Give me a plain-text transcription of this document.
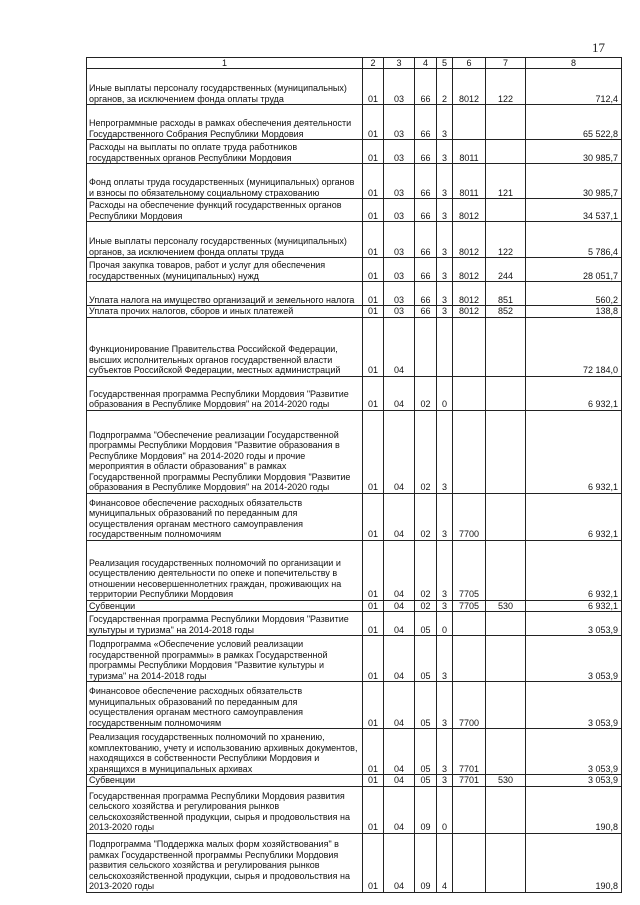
17
1	2	3	4	5	6	7	8
Иные выплаты персоналу государственных (муниципальных) органов, за исключением фонда оплаты труда	01	03	66	2	8012	122	712,4
Непрограммные расходы в рамках обеспечения деятельности Государственного Собрания Республики Мордовия	01	03	66	3			65 522,8
Расходы на выплаты по оплате труда работников государственных органов Республики Мордовия	01	03	66	3	8011		30 985,7
Фонд оплаты труда государственных (муниципальных) органов и взносы по обязательному социальному страхованию	01	03	66	3	8011	121	30 985,7
Расходы на обеспечение функций государственных органов Республики Мордовия	01	03	66	3	8012		34 537,1
Иные выплаты персоналу государственных (муниципальных) органов, за исключением фонда оплаты труда	01	03	66	3	8012	122	5 786,4
Прочая закупка товаров, работ и услуг для обеспечения государственных (муниципальных) нужд	01	03	66	3	8012	244	28 051,7
Уплата налога на имущество организаций и земельного налога	01	03	66	3	8012	851	560,2
Уплата прочих налогов, сборов и иных платежей	01	03	66	3	8012	852	138,8
Функционирование Правительства Российской Федерации, высших исполнительных органов государственной власти субъектов Российской Федерации, местных администраций	01	04					72 184,0
Государственная программа Республики Мордовия "Развитие образования в Республике Мордовия" на 2014-2020 годы	01	04	02	0			6 932,1
Подпрограмма "Обеспечение реализации Государственной программы Республики Мордовия "Развитие образования в Республике Мордовия" на 2014-2020 годы и прочие мероприятия в области образования" в рамках Государственной программы Республики Мордовия "Развитие образования в Республике Мордовия" на 2014-2020 годы	01	04	02	3			6 932,1
Финансовое обеспечение расходных обязательств муниципальных образований по переданным для осуществления органам местного самоуправления государственным полномочиям	01	04	02	3	7700		6 932,1
Реализация государственных полномочий по организации и осуществлению деятельности по опеке и попечительству в отношении несовершеннолетних граждан, проживающих на территории Республики Мордовия	01	04	02	3	7705		6 932,1
Субвенции	01	04	02	3	7705	530	6 932,1
Государственная программа Республики Мордовия "Развитие культуры и туризма" на 2014-2018 годы	01	04	05	0			3 053,9
Подпрограмма «Обеспечение условий реализации государственной программы» в рамках Государственной программы Республики Мордовия "Развитие культуры и туризма" на 2014-2018 годы	01	04	05	3			3 053,9
Финансовое обеспечение расходных обязательств муниципальных образований по переданным для осуществления органам местного самоуправления государственным полномочиям	01	04	05	3	7700		3 053,9
Реализация государственных полномочий по хранению, комплектованию, учету и использованию архивных документов, находящихся в собственности Республики Мордовия и хранящихся в муниципальных архивах	01	04	05	3	7701		3 053,9
Субвенции	01	04	05	3	7701	530	3 053,9
Государственная программа Республики Мордовия развития сельского хозяйства и регулирования рынков сельскохозяйственной продукции, сырья и продовольствия на 2013-2020 годы	01	04	09	0			190,8
Подпрограмма "Поддержка малых форм хозяйствования" в рамках Государственной программы Республики Мордовия развития сельского хозяйства и регулирования рынков сельскохозяйственной продукции, сырья и продовольствия на 2013-2020 годы	01	04	09	4			190,8
